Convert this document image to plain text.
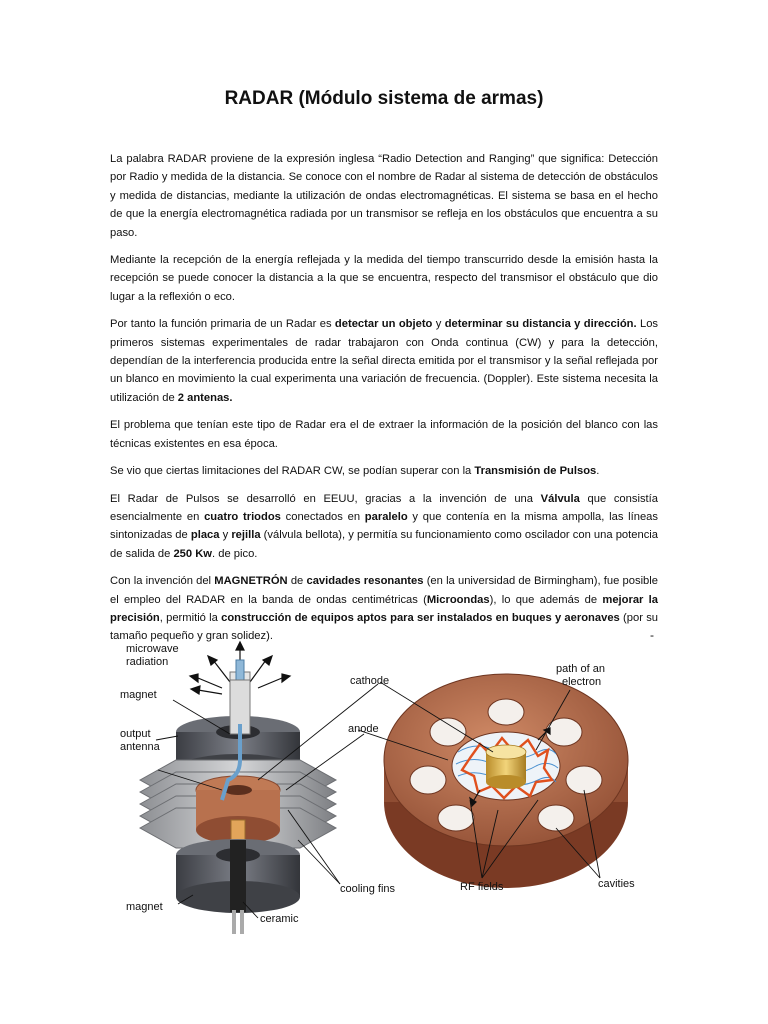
RADAR (Módulo sistema de armas)

La palabra RADAR proviene de la expresión inglesa “Radio Detection and Ranging” que significa: Detección por Radio y medida de la distancia. Se conoce con el nombre de Radar al sistema de detección de obstáculos y medida de distancias, mediante la utilización de ondas electromagnéticas. El sistema se basa en el hecho de que la energía electromagnética radiada por un transmisor se refleja en los obstáculos que encuentra a su paso.

Mediante la recepción de la energía reflejada y la medida del tiempo transcurrido desde la emisión hasta la recepción se puede conocer la distancia a la que se encuentra, respecto del transmisor el obstáculo que dio lugar a la reflexión o eco.

Por tanto la función primaria de un Radar es detectar un objeto y determinar su distancia y dirección. Los primeros sistemas experimentales de radar trabajaron con Onda continua (CW) y para la detección, dependían de la interferencia producida entre la señal directa emitida por el transmisor y la señal reflejada por un blanco en movimiento la cual experimenta una variación de frecuencia. (Doppler). Este sistema necesita la utilización de 2 antenas.

El problema que tenían este tipo de Radar era el de extraer la información de la posición del blanco con las técnicas existentes en esa época.

Se vio que ciertas limitaciones del RADAR CW, se podían superar con la Transmisión de Pulsos.

El Radar de Pulsos se desarrolló en EEUU, gracias a la invención de una Válvula que consistía esencialmente en cuatro triodos conectados en paralelo y que contenía en la misma ampolla, las líneas sintonizadas de placa y rejilla (válvula bellota), y permitía su funcionamiento como oscilador con una potencia de salida de 250 Kw. de pico.

Con la invención del MAGNETRÓN de cavidades resonantes (en la universidad de Birmingham), fue posible el empleo del RADAR en la banda de ondas centimétricas (Microondas), lo que además de mejorar la precisión, permitió la construcción de equipos aptos para ser instalados en buques y aeronaves (por su tamaño pequeño y gran solidez).	-
microwave
radiation
magnet
output
antenna
cathode
anode
path of an
electron
cooling fins
magnet
ceramic
RF fields	cavities
